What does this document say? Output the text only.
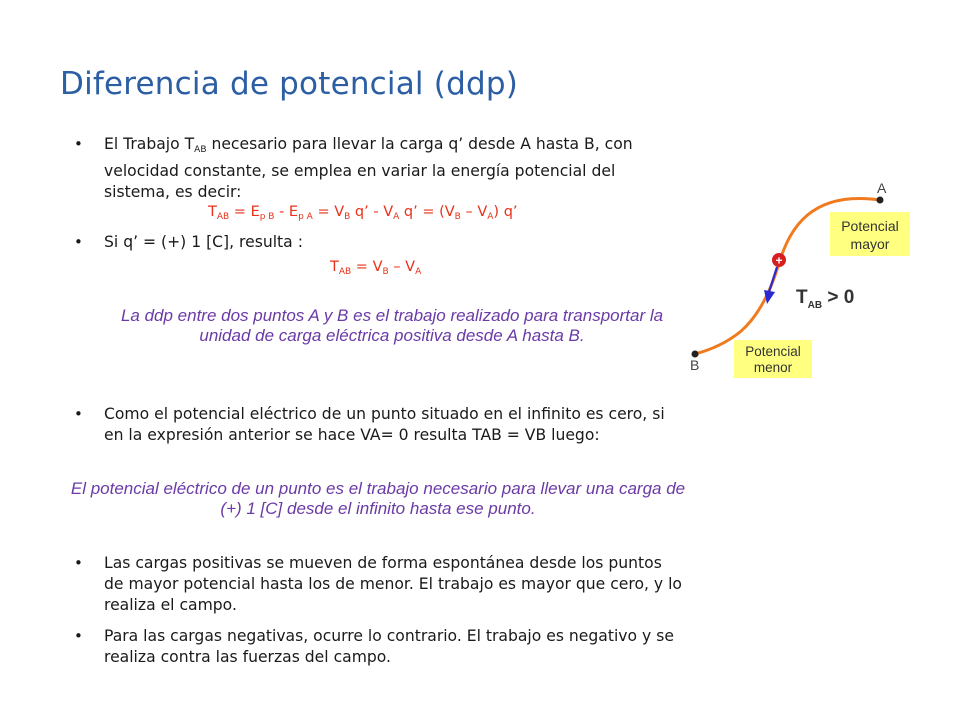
Diferencia de potencial (ddp)
• El Trabajo $T_{AB}$ necesario para llevar la carga q’ desde A hasta B, con velocidad constante, se emplea en variar la energía potencial del sistema, es decir:
$T_{AB} = E_{p B} - E_{p A} = V_B$ q’ - $V_A$ q’ = $(V_B - V_A)$ q’
• Si q’ = (+) 1 [C], resulta :
$T_{AB} = V_B - V_A$
La ddp entre dos puntos A y B es el trabajo realizado para transportar la unidad de carga eléctrica positiva desde A hasta B.
• Como el potencial eléctrico de un punto situado en el infinito es cero, si en la expresión anterior se hace VA= 0 resulta TAB = VB luego:
El potencial eléctrico de un punto es el trabajo necesario para llevar una carga de (+) 1 [C] desde el infinito hasta ese punto.
• Las cargas positivas se mueven de forma espontánea desde los puntos de mayor potencial hasta los de menor. El trabajo es mayor que cero, y lo realiza el campo.
• Para las cargas negativas, ocurre lo contrario. El trabajo es negativo y se realiza contra las fuerzas del campo.
A
B
Potencial
mayor
Potencial
menor
+
$T_{AB} > 0$
